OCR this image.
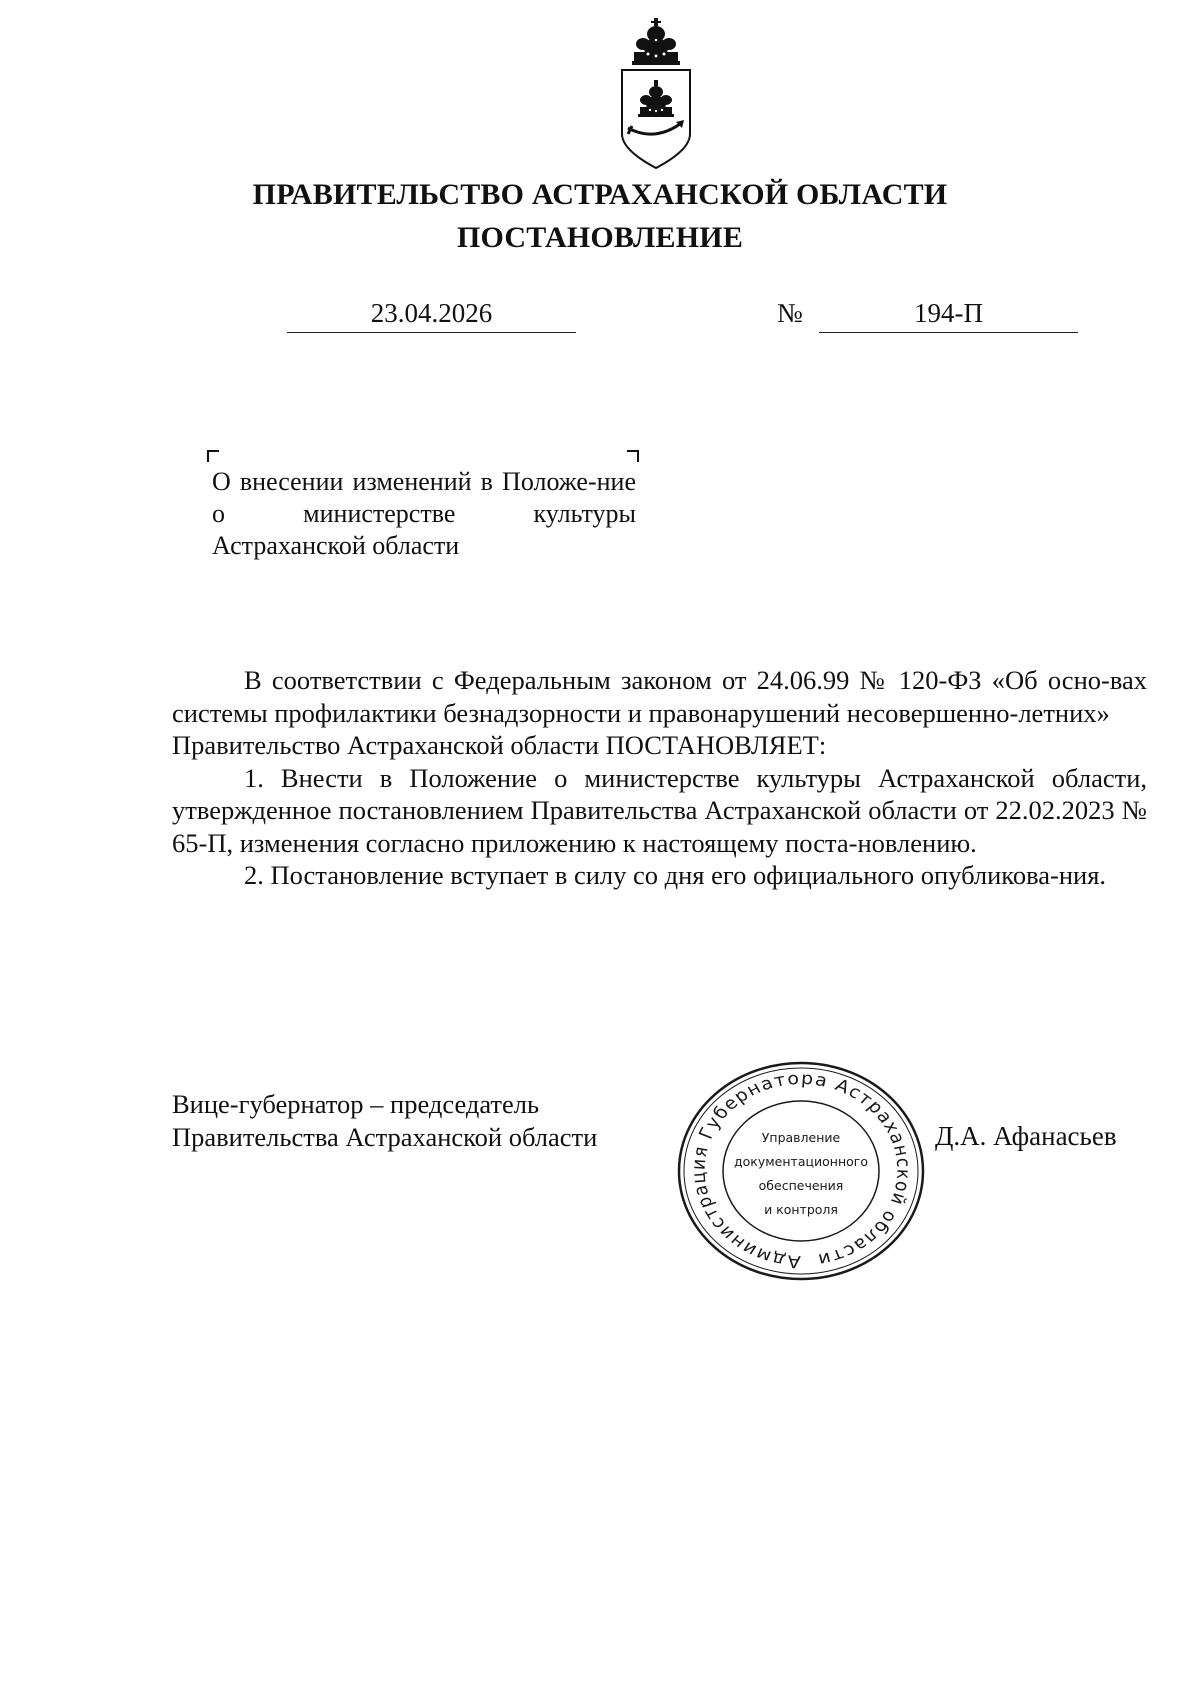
ПРАВИТЕЛЬСТВО АСТРАХАНСКОЙ ОБЛАСТИ
ПОСТАНОВЛЕНИЕ
23.04.2026	№	194-П
О внесении изменений в Положе-ние о министерстве культуры Астраханской области

В соответствии с Федеральным законом от 24.06.99 № 120-ФЗ «Об осно-вах системы профилактики безнадзорности и правонарушений несовершенно-летних»

Правительство Астраханской области ПОСТАНОВЛЯЕТ:

1. Внести в Положение о министерстве культуры Астраханской области, утвержденное постановлением Правительства Астраханской области от 22.02.2023 № 65-П, изменения согласно приложению к настоящему поста-новлению.

2. Постановление вступает в силу со дня его официального опубликова-ния.

Вице-губернатор – председатель
Правительства Астраханской области
Администрация Губернатора Астраханской области
Управление
документационного
обеспечения
и контроля
Д.А. Афанасьев
